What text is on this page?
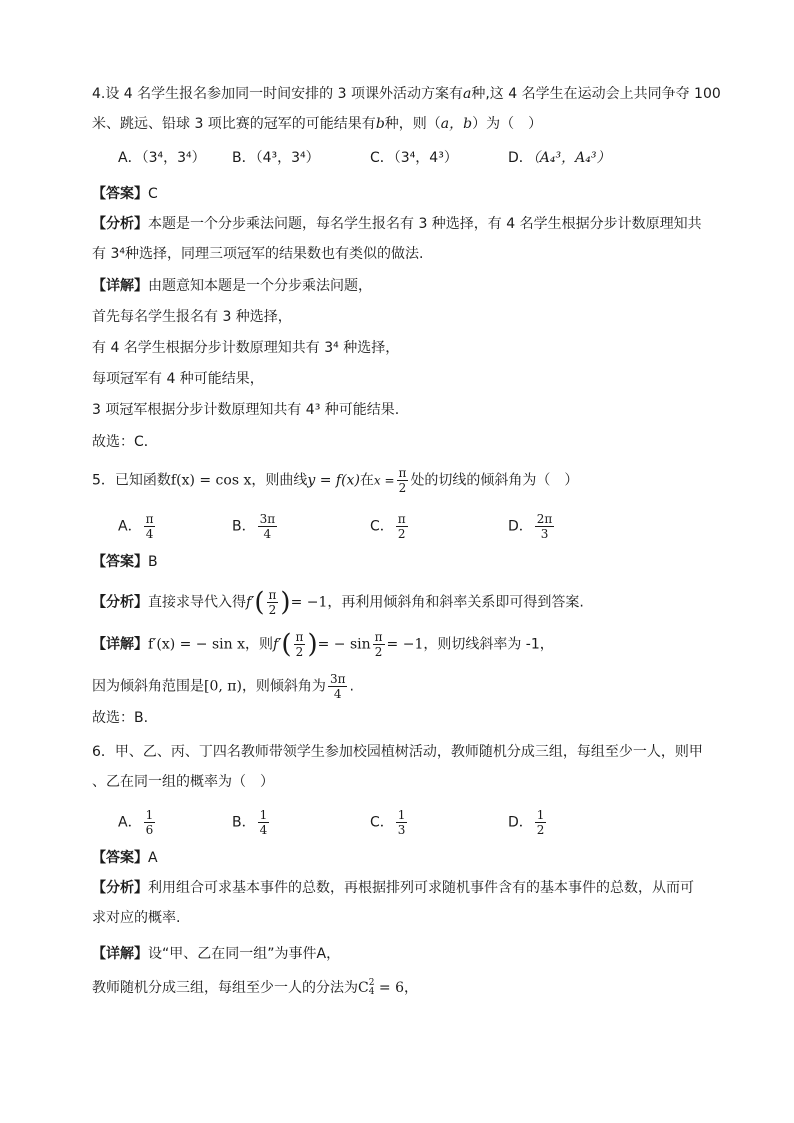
4.设 4 名学生报名参加同一时间安排的 3 项课外活动方案有a种,这 4 名学生在运动会上共同争夺 100
米、跳远、铅球 3 项比赛的冠军的可能结果有b种，则（a，b）为（　）
A．（3⁴，3⁴） B．（4³，3⁴）	C．（3⁴，4³）	D．（A₄³，A₄³）
【答案】C
【分析】本题是一个分步乘法问题，每名学生报名有 3 种选择，有 4 名学生根据分步计数原理知共
有 3⁴种选择，同理三项冠军的结果数也有类似的做法.
【详解】由题意知本题是一个分步乘法问题，
首先每名学生报名有 3 种选择，
有 4 名学生根据分步计数原理知共有 3⁴ 种选择，
每项冠军有 4 种可能结果，
3 项冠军根据分步计数原理知共有 4³ 种可能结果.
故选：C．
5．已知函数f(x) = cos x，则曲线y = f(x)在$x = \frac{\pi}{2}$ 处的切线的倾斜角为（　）
A． $\frac{\pi}{4}$	B． $\frac{3\pi}{4}$	C． $\frac{\pi}{2}$	D． $\frac{2\pi}{3}$
【答案】B
【分析】直接求导代入得$f'( \frac{\pi}{2}$ )= −1，再利用倾斜角和斜率关系即可得到答案.
【详解】f′(x) = − sin x，则$f'( \frac{\pi}{2}$ )= − $\sin \frac{\pi}{2} = -1$，则切线斜率为 -1，
因为倾斜角范围是[0, π)，则倾斜角为 $\frac{3\pi}{4}$ .
故选：B.
6．甲、乙、丙、丁四名教师带领学生参加校园植树活动，教师随机分成三组，每组至少一人，则甲
、乙在同一组的概率为（　）
A． $\frac{1}{6}$	B． $\frac{1}{4}$	C． $\frac{1}{3}$	D． $\frac{1}{2}$
【答案】A
【分析】利用组合可求基本事件的总数，再根据排列可求随机事件含有的基本事件的总数，从而可
求对应的概率.
【详解】设“甲、乙在同一组”为事件A，
教师随机分成三组，每组至少一人的分法为C 2
4 = 6，
